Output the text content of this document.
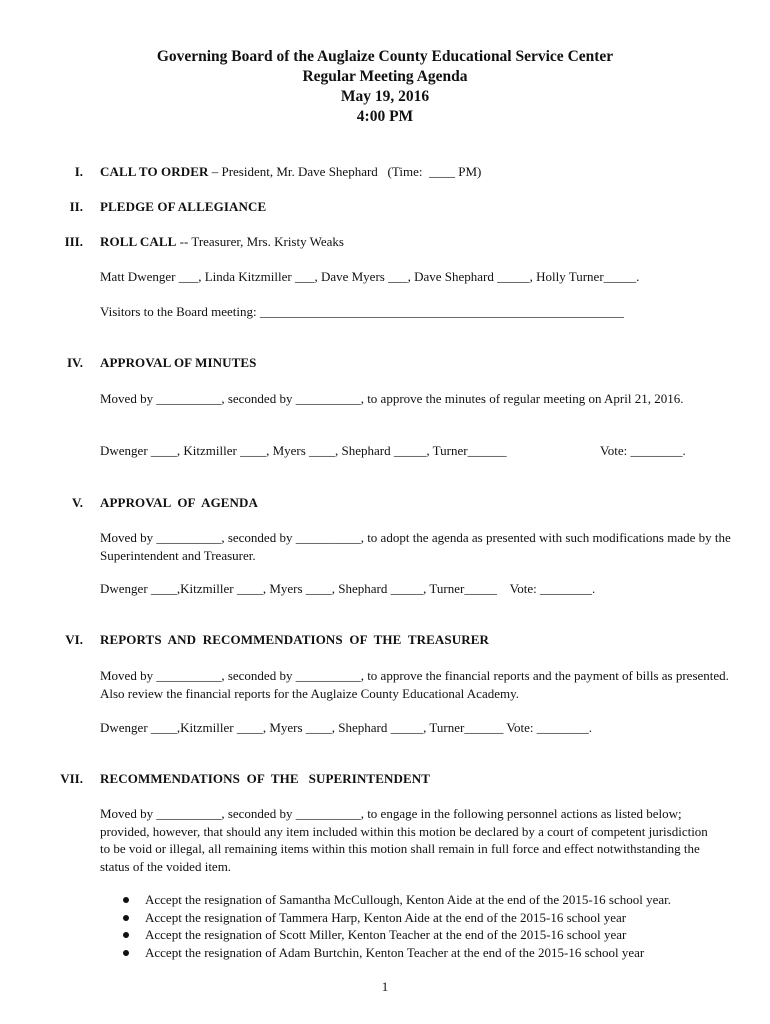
Governing Board of the Auglaize County Educational Service Center
Regular Meeting Agenda
May 19, 2016
4:00 PM
I. CALL TO ORDER – President, Mr. Dave Shephard   (Time:  ____ PM)
II. PLEDGE OF ALLEGIANCE
III. ROLL CALL -- Treasurer, Mrs. Kristy Weaks
Matt Dwenger ___, Linda Kitzmiller ___, Dave Myers ___, Dave Shephard _____, Holly Turner_____.
Visitors to the Board meeting: ________________________________________________________
IV. APPROVAL OF MINUTES
Moved by __________, seconded by __________, to approve the minutes of regular meeting on April 21, 2016.
Dwenger ____, Kitzmiller ____, Myers ____, Shephard _____, Turner______	Vote: ________.
V. APPROVAL  OF  AGENDA
Moved by __________, seconded by __________, to adopt the agenda as presented with such modifications made by the Superintendent and Treasurer.
Dwenger ____,Kitzmiller ____, Myers ____, Shephard _____, Turner_____    Vote: ________.
VI. REPORTS  AND  RECOMMENDATIONS  OF  THE  TREASURER
Moved by __________, seconded by __________, to approve the financial reports and the payment of bills as presented. Also review the financial reports for the Auglaize County Educational Academy.
Dwenger ____,Kitzmiller ____, Myers ____, Shephard _____, Turner______ Vote: ________.
VII. RECOMMENDATIONS  OF  THE   SUPERINTENDENT
Moved by __________, seconded by __________, to engage in the following personnel actions as listed below; provided, however, that should any item included within this motion be declared by a court of competent jurisdiction to be void or illegal, all remaining items within this motion shall remain in full force and effect notwithstanding the status of the voided item.
Accept the resignation of Samantha McCullough, Kenton Aide at the end of the 2015-16 school year.
Accept the resignation of Tammera Harp, Kenton Aide at the end of the 2015-16 school year
Accept the resignation of Scott Miller, Kenton Teacher at the end of the 2015-16 school year
Accept the resignation of Adam Burtchin, Kenton Teacher at the end of the 2015-16 school year
1
